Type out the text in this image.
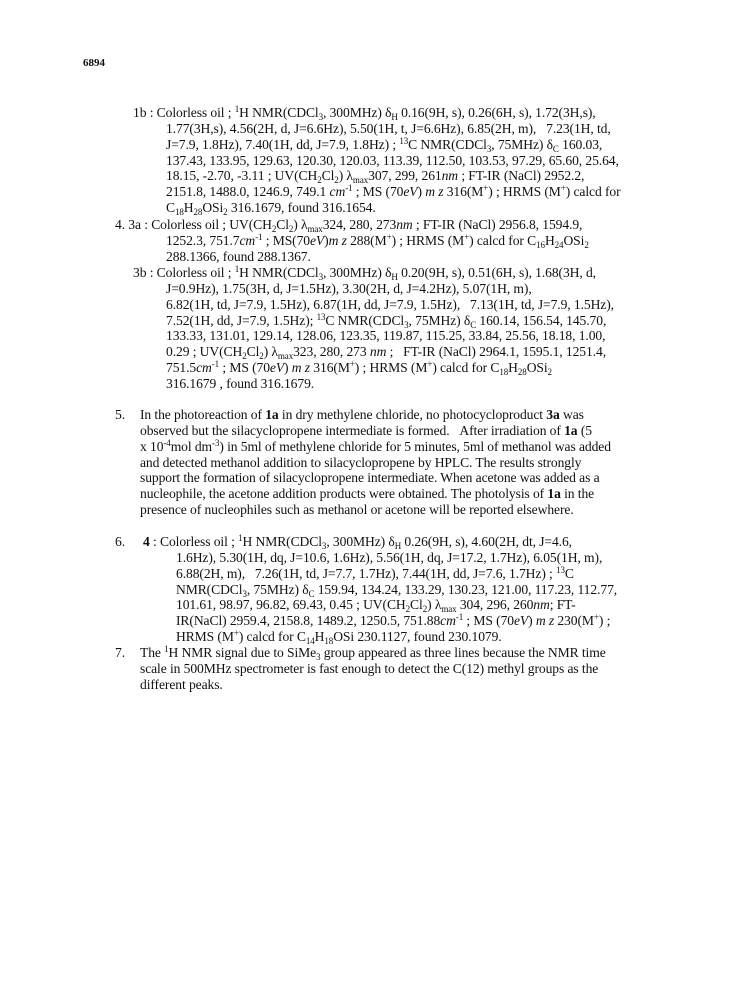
6894
1b : Colorless oil ; $^1$H NMR(CDCl$_3$, 300MHz) $\delta_H$ 0.16(9H, s), 0.26(6H, s), 1.72(3H,s),
1.77(3H,s), 4.56(2H, d, J=6.6Hz), 5.50(1H, t, J=6.6Hz), 6.85(2H, m),   7.23(1H, td,
J=7.9, 1.8Hz), 7.40(1H, dd, J=7.9, 1.8Hz) ; $^{13}$C NMR(CDCl$_3$, 75MHz) $\delta_C$ 160.03,
137.43, 133.95, 129.63, 120.30, 120.03, 113.39, 112.50, 103.53, 97.29, 65.60, 25.64,
18.15, -2.70, -3.11 ; $UV(CH_2Cl_2)$ $\lambda_{max}307$, 299, 261nm ; FT-IR (NaCl) 2952.2,
2151.8, 1488.0, 1246.9, 749.1 $cm^{-1}$ ; MS (70eV) m z 316(M+) ; HRMS (M+) calcd for
$C_{18}H_{28}OSi_2$ 316.1679, found 316.1654.
4. 3a : Colorless oil ; $UV(CH_2Cl_2)$ $\lambda_{max}324$, 280, 273nm ; FT-IR (NaCl) 2956.8, 1594.9,
1252.3, $751.7cm^{-1}$ ; MS(70eV)m z 288(M+) ; HRMS (M+) calcd for $C_{16}H_{24}OSi_2$
288.1366, found 288.1367.
3b : Colorless oil ; $^1$H NMR(CDCl$_3$, 300MHz) $\delta_H$ 0.20(9H, s), 0.51(6H, s), 1.68(3H, d,
J=0.9Hz), 1.75(3H, d, J=1.5Hz), 3.30(2H, d, J=4.2Hz), 5.07(1H, m),
6.82(1H, td, J=7.9, 1.5Hz), 6.87(1H, dd, J=7.9, 1.5Hz),   7.13(1H, td, J=7.9, 1.5Hz),
7.52(1H, dd, J=7.9, 1.5Hz); $^{13}$C NMR(CDCl$_3$, 75MHz) $\delta_C$ 160.14, 156.54, 145.70,
133.33, 131.01, 129.14, 128.06, 123.35, 119.87, 115.25, 33.84, 25.56, 18.18, 1.00,
0.29 ; $UV(CH_2Cl_2)$ $\lambda_{max}323$, 280, 273 nm ;   FT-IR (NaCl) 2964.1, 1595.1, 1251.4,
$751.5cm^{-1}$ ; MS (70eV) m z 316(M+) ; HRMS (M+) calcd for $C_{18}H_{28}OSi_2$
316.1679 , found 316.1679.
5. In the photoreaction of 1a in dry methylene chloride, no photocycloproduct 3a was
observed but the silacyclopropene intermediate is formed.   After irradiation of 1a (5
x $10^{-4}mol$ $dm^{-3}$) in 5ml of methylene chloride for 5 minutes, 5ml of methanol was added
and detected methanol addition to silacyclopropene by HPLC. The results strongly
support the formation of silacyclopropene intermediate. When acetone was added as a
nucleophile, the acetone addition products were obtained. The photolysis of 1a in the
presence of nucleophiles such as methanol or acetone will be reported elsewhere.
6. 4 : Colorless oil ; $^1$H NMR(CDCl$_3$, 300MHz) $\delta_H$ 0.26(9H, s), 4.60(2H, dt, J=4.6,
1.6Hz), 5.30(1H, dq, J=10.6, 1.6Hz), 5.56(1H, dq, J=17.2, 1.7Hz), 6.05(1H, m),
6.88(2H, m),   7.26(1H, td, J=7.7, 1.7Hz), 7.44(1H, dd, J=7.6, 1.7Hz) ; $^{13}$C
NMR(CDCl$_3$, 75MHz) $\delta_C$ 159.94, 134.24, 133.29, 130.23, 121.00, 117.23, 112.77,
101.61, 98.97, 96.82, 69.43, 0.45 ; $UV(CH_2Cl_2)$ $\lambda_{max}$ 304, 296, 260nm; FT-
IR(NaCl) 2959.4, 2158.8, 1489.2, 1250.5, $751.88cm^{-1}$ ; MS (70eV) m z 230(M+) ;
HRMS (M+) calcd for $C_{14}H_{18}OSi$ 230.1127, found 230.1079.
7. The $^1$H NMR signal due to SiMe$_3$ group appeared as three lines because the NMR time
scale in 500MHz spectrometer is fast enough to detect the C(12) methyl groups as the
different peaks.
